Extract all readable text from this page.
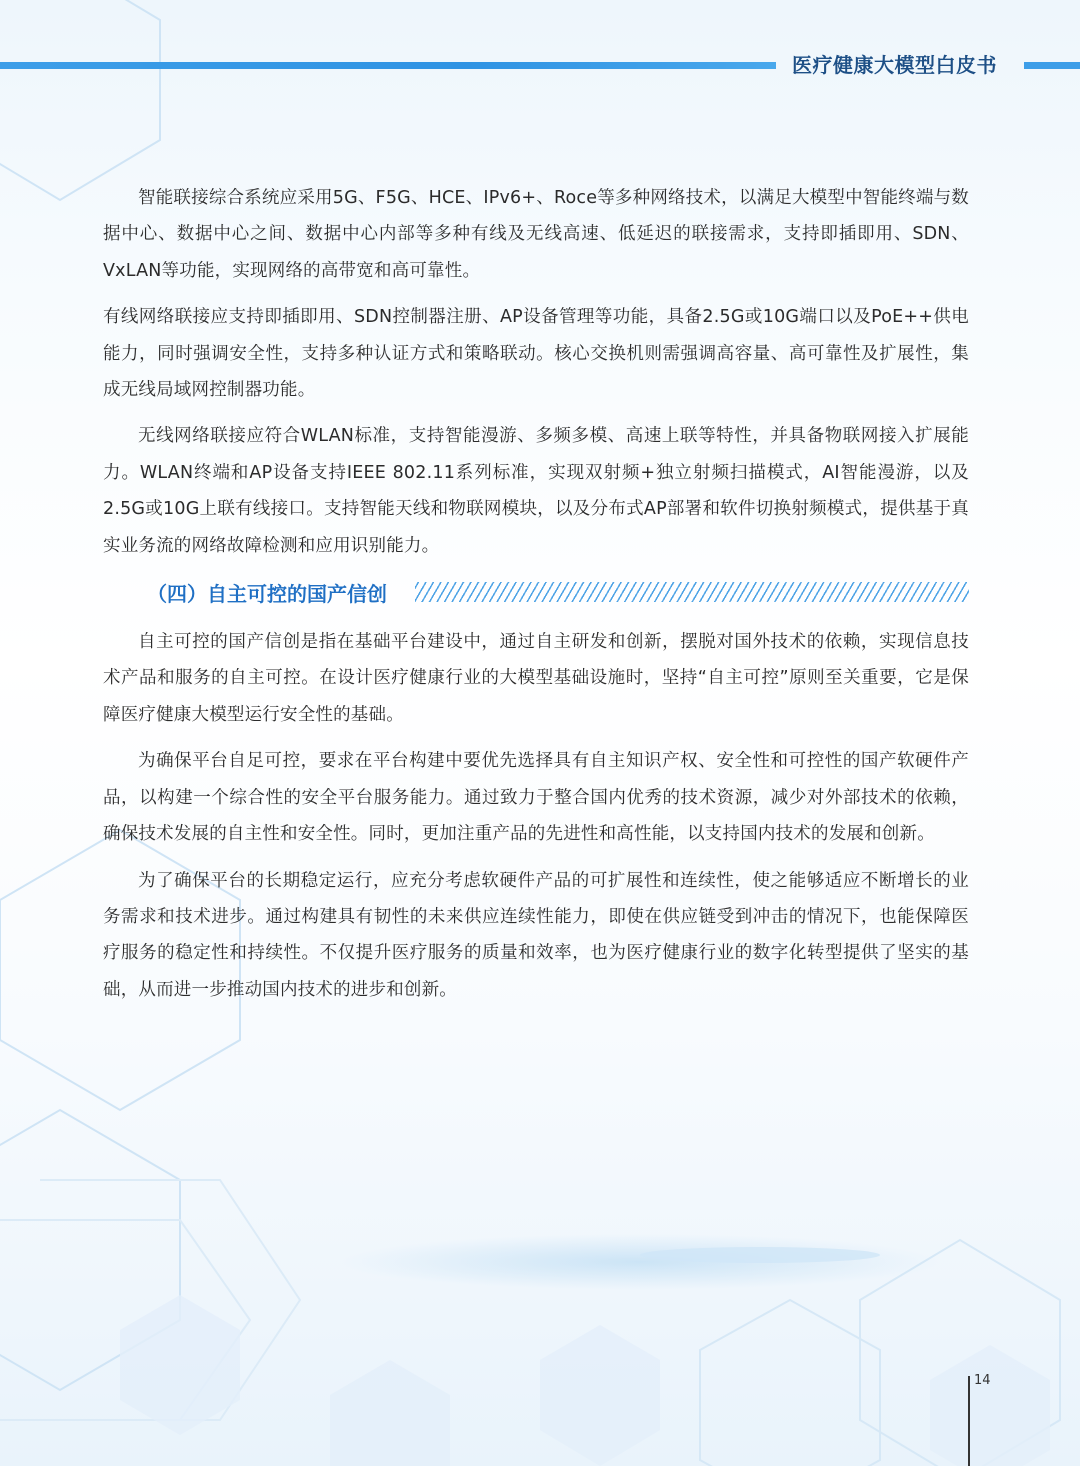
医疗健康大模型白皮书

智能联接综合系统应采用5G、F5G、HCE、IPv6+、Roce等多种网络技术，以满足大模型中智能终端与数据中心、数据中心之间、数据中心内部等多种有线及无线高速、低延迟的联接需求，支持即插即用、SDN、VxLAN等功能，实现网络的高带宽和高可靠性。

有线网络联接应支持即插即用、SDN控制器注册、AP设备管理等功能，具备2.5G或10G端口以及PoE++供电能力，同时强调安全性，支持多种认证方式和策略联动。核心交换机则需强调高容量、高可靠性及扩展性，集成无线局域网控制器功能。

无线网络联接应符合WLAN标准，支持智能漫游、多频多模、高速上联等特性，并具备物联网接入扩展能力。WLAN终端和AP设备支持IEEE 802.11系列标准，实现双射频+独立射频扫描模式，AI智能漫游，以及2.5G或10G上联有线接口。支持智能天线和物联网模块，以及分布式AP部署和软件切换射频模式，提供基于真实业务流的网络故障检测和应用识别能力。

（四）自主可控的国产信创

自主可控的国产信创是指在基础平台建设中，通过自主研发和创新，摆脱对国外技术的依赖，实现信息技术产品和服务的自主可控。在设计医疗健康行业的大模型基础设施时，坚持“自主可控”原则至关重要，它是保障医疗健康大模型运行安全性的基础。

为确保平台自足可控，要求在平台构建中要优先选择具有自主知识产权、安全性和可控性的国产软硬件产品，以构建一个综合性的安全平台服务能力。通过致力于整合国内优秀的技术资源，减少对外部技术的依赖，确保技术发展的自主性和安全性。同时，更加注重产品的先进性和高性能，以支持国内技术的发展和创新。

为了确保平台的长期稳定运行，应充分考虑软硬件产品的可扩展性和连续性，使之能够适应不断增长的业务需求和技术进步。通过构建具有韧性的未来供应连续性能力，即使在供应链受到冲击的情况下，也能保障医疗服务的稳定性和持续性。不仅提升医疗服务的质量和效率，也为医疗健康行业的数字化转型提供了坚实的基础，从而进一步推动国内技术的进步和创新。

14
